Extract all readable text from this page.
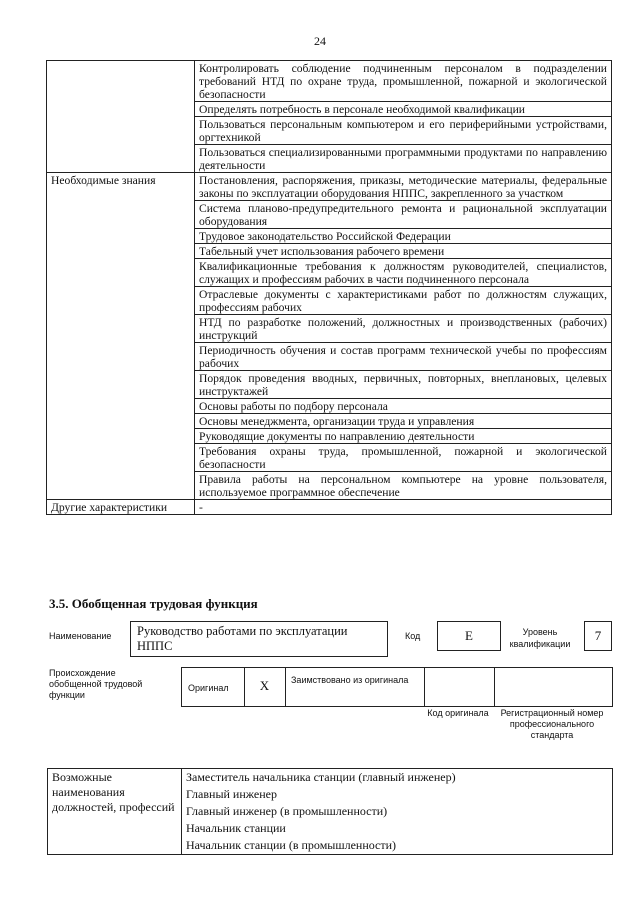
24
	Контролировать соблюдение подчиненным персоналом в подразделении требований НТД по охране труда, промышленной, пожарной и экологической безопасности
	Определять потребность в персонале необходимой квалификации
	Пользоваться персональным компьютером и его периферийными устройствами, оргтехникой
	Пользоваться специализированными программными продуктами по направлению деятельности
Необходимые знания	Постановления, распоряжения, приказы, методические материалы, федеральные законы по эксплуатации оборудования НППС, закрепленного за участком
	Система планово-предупредительного ремонта и рациональной эксплуатации оборудования
	Трудовое законодательство Российской Федерации
	Табельный учет использования рабочего времени
	Квалификационные требования к должностям руководителей, специалистов, служащих и профессиям рабочих в части подчиненного персонала
	Отраслевые документы с характеристиками работ по должностям служащих, профессиям рабочих
	НТД по разработке положений, должностных и производственных (рабочих) инструкций
	Периодичность обучения и состав программ технической учебы по профессиям рабочих
	Порядок проведения вводных, первичных, повторных, внеплановых, целевых инструктажей
	Основы работы по подбору персонала
	Основы менеджмента, организации труда и управления
	Руководящие документы по направлению деятельности
	Требования охраны труда, промышленной, пожарной и экологической безопасности
	Правила работы на персональном компьютере на уровне пользователя, используемое программное обеспечение
Другие характеристики	-
3.5. Обобщенная трудовая функция
Наименование Руководство работами по эксплуатации НППС
Код	E	Уровень квалификации
7
Происхождение обобщенной трудовой функции
Оригинал	X	Заимствовано из оригинала
Код оригинала	Регистрационный номер профессионального стандарта
Возможные наименования должностей, профессий	
Заместитель начальника станции (главный инженер)
Главный инженер
Главный инженер (в промышленности)
Начальник станции
Начальник станции (в промышленности)
